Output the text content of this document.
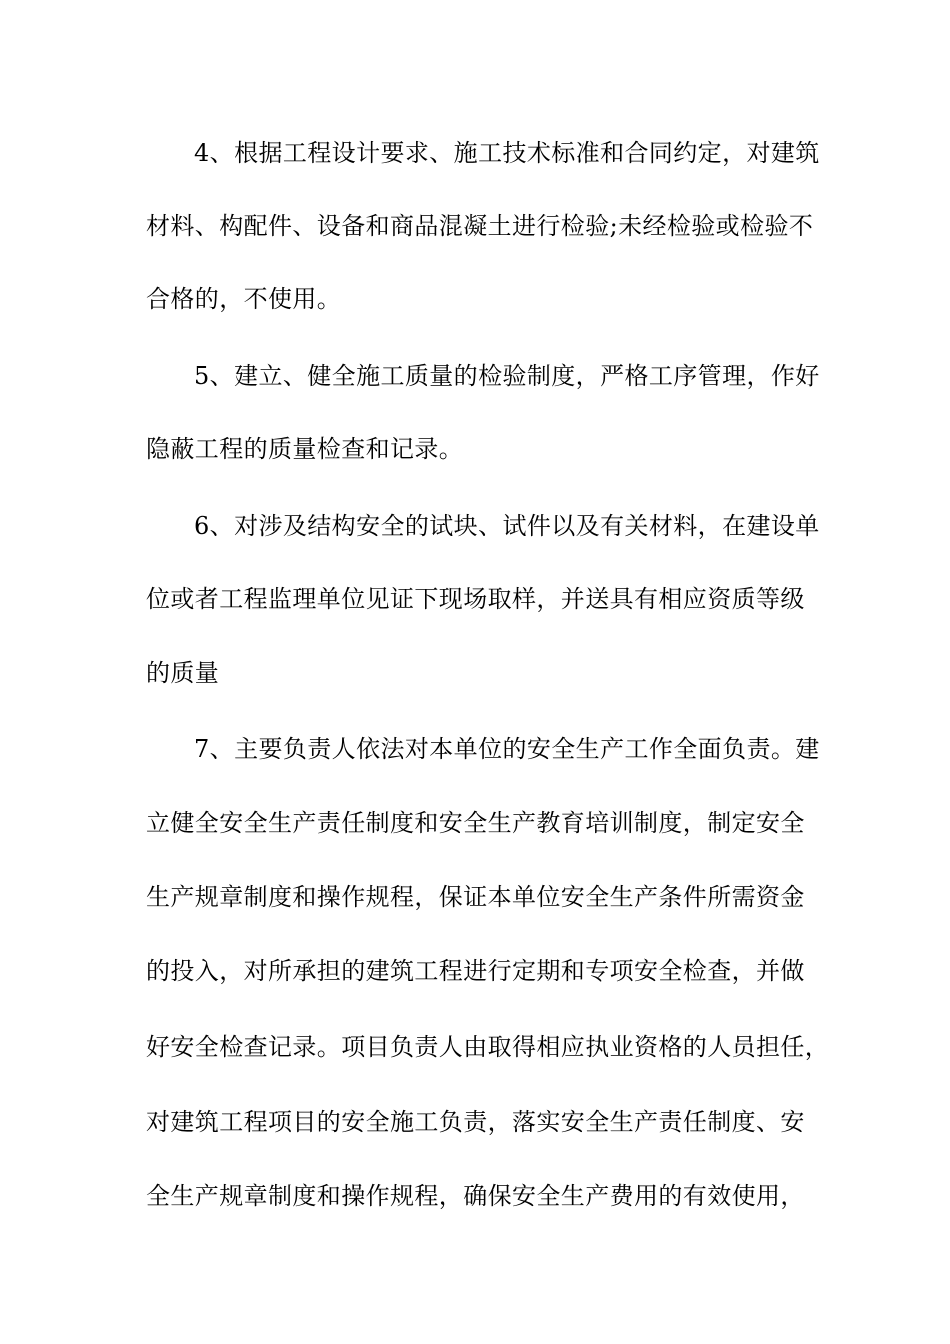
4、根据工程设计要求、施工技术标准和合同约定，对建筑
材料、构配件、设备和商品混凝土进行检验;未经检验或检验不
合格的，不使用。
5、建立、健全施工质量的检验制度，严格工序管理，作好
隐蔽工程的质量检查和记录。
6、对涉及结构安全的试块、试件以及有关材料，在建设单
位或者工程监理单位见证下现场取样，并送具有相应资质等级
的质量
7、主要负责人依法对本单位的安全生产工作全面负责。建
立健全安全生产责任制度和安全生产教育培训制度，制定安全
生产规章制度和操作规程，保证本单位安全生产条件所需资金
的投入，对所承担的建筑工程进行定期和专项安全检查，并做
好安全检查记录。项目负责人由取得相应执业资格的人员担任，
对建筑工程项目的安全施工负责，落实安全生产责任制度、安
全生产规章制度和操作规程，确保安全生产费用的有效使用，
